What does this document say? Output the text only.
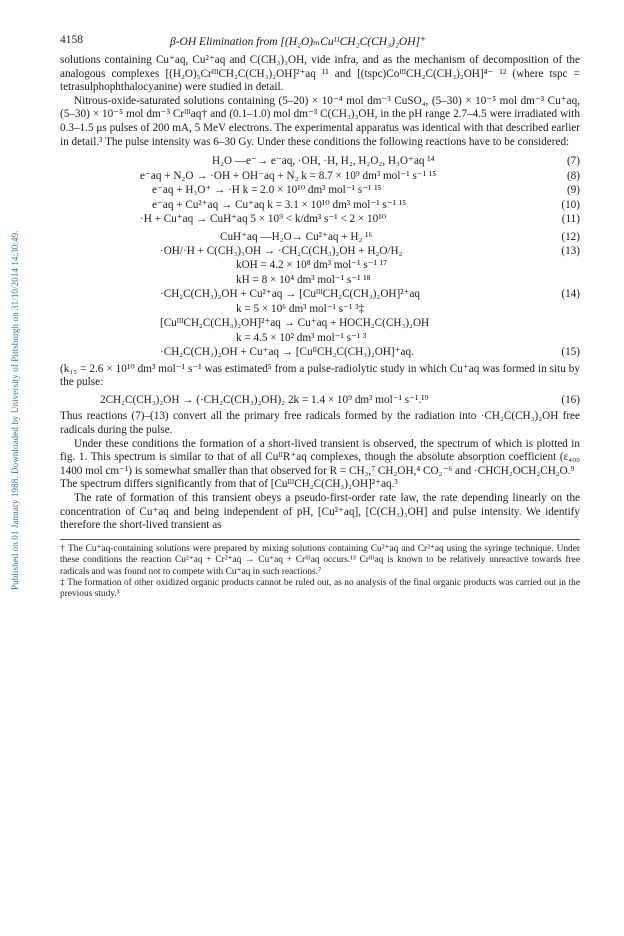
Published on 01 January 1988. Downloaded by University of Pittsburgh on 31/10/2014 14:30:49.
4158	β-OH Elimination from [(H₂O)ₘCuᴵᴵCH₂C(CH₃)₂OH]⁺

solutions containing Cu⁺aq, Cu²⁺aq and C(CH₃)₃OH, vide infra, and as the mechanism of decomposition of the analogous complexes [(H₂O)₅CrᴵᴵᴵCH₂C(CH₃)₂OH]²⁺aq ¹¹ and [(tspc)CoᴵᴵᴵCH₂C(CH₃)₂OH]⁴⁻ ¹² (where tspc = tetrasulphophthalocyanine) were studied in detail.

Nitrous-oxide-saturated solutions containing (5–20) × 10⁻⁴ mol dm⁻³ CuSO₄, (5–30) × 10⁻⁵ mol dm⁻³ Cu⁺aq, (5–30) × 10⁻⁵ mol dm⁻³ Crᴵᴵᴵaq† and (0.1–1.0) mol dm⁻³ C(CH₃)₃OH, in the pH range 2.7–4.5 were irradiated with 0.3–1.5 μs pulses of 200 mA, 5 MeV electrons. The experimental apparatus was identical with that described earlier in detail.³ The pulse intensity was 6–30 Gy. Under these conditions the following reactions have to be considered:

H₂O —e⁻→ e⁻aq, ·OH, ·H, H₂, H₂O₂, H₃O⁺aq ¹⁴	(7)
e⁻aq + N₂O → ·OH + OH⁻aq + N₂ k = 8.7 × 10⁹ dm³ mol⁻¹ s⁻¹ ¹⁵	(8)
e⁻aq + H₃O⁺ → ·H k = 2.0 × 10¹⁰ dm³ mol⁻¹ s⁻¹ ¹⁵	(9)
e⁻aq + Cu²⁺aq → Cu⁺aq k = 3.1 × 10¹⁰ dm³ mol⁻¹ s⁻¹ ¹⁵	(10)
·H + Cu⁺aq → CuH⁺aq 5 × 10⁹ < k/dm³ s⁻¹ < 2 × 10¹⁰	(11)
CuH⁺aq —H₂O→ Cu²⁺aq + H₂ ¹⁶	(12)
·OH/·H + C(CH₃)₃OH → ·CH₂C(CH₃)₂OH + H₂O/H₂	(13)
kOH = 4.2 × 10⁸ dm³ mol⁻¹ s⁻¹ ¹⁷
kH = 8 × 10⁴ dm³ mol⁻¹ s⁻¹ ¹⁸
·CH₂C(CH₃)₂OH + Cu²⁺aq → [CuᴵᴵᴵCH₂C(CH₃)₂OH]²⁺aq	(14)
k = 5 × 10⁶ dm³ mol⁻¹ s⁻¹ ³‡
[CuᴵᴵᴵCH₂C(CH₃)₂OH]²⁺aq → Cu⁺aq + HOCH₂C(CH₃)₂OH
k = 4.5 × 10² dm³ mol⁻¹ s⁻¹ ³
·CH₂C(CH₃)₂OH + Cu⁺aq → [CuᴵᴵCH₂C(CH₃)₂OH]⁺aq.	(15)

(k₁₅ = 2.6 × 10¹⁰ dm³ mol⁻¹ s⁻¹ was estimated⁵ from a pulse-radiolytic study in which Cu⁺aq was formed in situ by the pulse:

2CH₂C(CH₃)₂OH → (·CH₂C(CH₃)₂OH)₂ 2k = 1.4 × 10⁹ dm³ mol⁻¹ s⁻¹.¹⁹	(16)

Thus reactions (7)–(13) convert all the primary free radicals formed by the radiation into ·CH₂C(CH₃)₂OH free radicals during the pulse.

Under these conditions the formation of a short-lived transient is observed, the spectrum of which is plotted in fig. 1. This spectrum is similar to that of all CuᴵᴵR⁺aq complexes, though the absolute absorption coefficient (ε₄₀₀ 1400 mol cm⁻¹) is somewhat smaller than that observed for R = CH₃,⁷ CH₂OH,⁴ CO₂⁻⁶ and ·CHCH₂OCH₂CH₂O.⁹

The spectrum differs significantly from that of [CuᴵᴵᴵCH₂C(CH₃)₂OH]²⁺aq.³

The rate of formation of this transient obeys a pseudo-first-order rate law, the rate depending linearly on the concentration of Cu⁺aq and being independent of pH, [Cu²⁺aq], [C(CH₃)₃OH] and pulse intensity. We identify therefore the short-lived transient as

† The Cu⁺aq-containing solutions were prepared by mixing solutions containing Cu²⁺aq and Cr²⁺aq using the syringe technique. Under these conditions the reaction Cu²⁺aq + Cr²⁺aq → Cu⁺aq + Crᴵᴵᴵaq occurs.¹³ Crᴵᴵᴵaq is known to be relatively unreactive towards free radicals and was found not to compete with Cu⁺aq in such reactions.⁷

‡ The formation of other oxidized organic products cannot be ruled out, as no analysis of the final organic products was carried out in the previous study.³
